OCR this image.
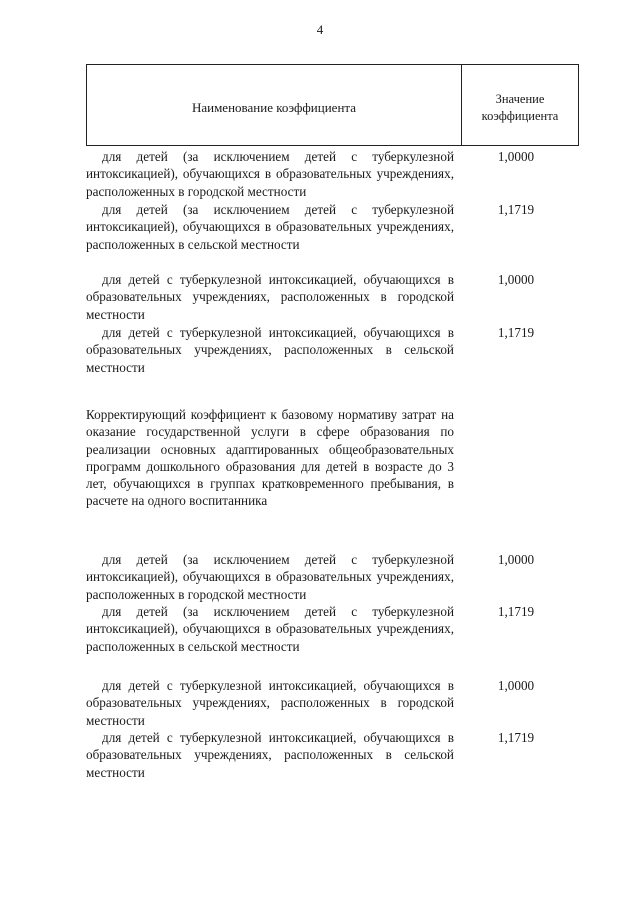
4
Наименование коэффициента
Значение
коэффициента
для детей (за исключением детей с туберкулезной интоксикацией), обучающихся в образовательных учреждениях, расположенных в городской местности
1,0000
для детей (за исключением детей с туберкулезной интоксикацией), обучающихся в образовательных учреждениях, расположенных в сельской местности
1,1719
для детей с туберкулезной интоксикацией, обучающихся в образовательных учреждениях, расположенных в городской местности
1,0000
для детей с туберкулезной интоксикацией, обучающихся в образовательных учреждениях, расположенных в сельской местности
1,1719
Корректирующий коэффициент к базовому нормативу затрат на оказание государственной услуги в сфере образования по реализации основных адаптированных общеобразовательных программ дошкольного образования для детей в возрасте до 3 лет, обучающихся в группах кратковременного пребывания, в расчете на одного воспитанника
для детей (за исключением детей с туберкулезной интоксикацией), обучающихся в образовательных учреждениях, расположенных в городской местности
1,0000
для детей (за исключением детей с туберкулезной интоксикацией), обучающихся в образовательных учреждениях, расположенных в сельской местности
1,1719
для детей с туберкулезной интоксикацией, обучающихся в образовательных учреждениях, расположенных в городской местности
1,0000
для детей с туберкулезной интоксикацией, обучающихся в образовательных учреждениях, расположенных в сельской местности
1,1719
